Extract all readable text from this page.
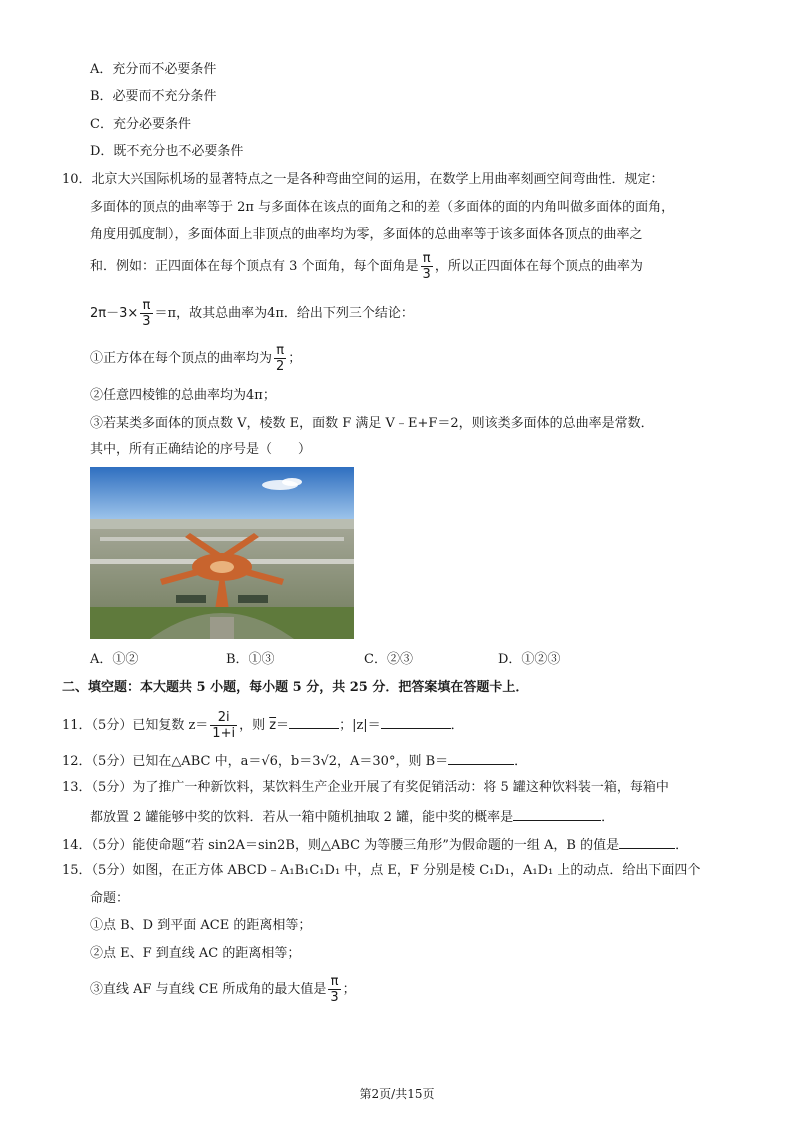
A．充分而不必要条件
B．必要而不充分条件
C．充分必要条件
D．既不充分也不必要条件
10．北京大兴国际机场的显著特点之一是各种弯曲空间的运用，在数学上用曲率刻画空间弯曲性．规定：
多面体的顶点的曲率等于 2π 与多面体在该点的面角之和的差（多面体的面的内角叫做多面体的面角，
角度用弧度制），多面体面上非顶点的曲率均为零，多面体的总曲率等于该多面体各顶点的曲率之
和．例如：正四面体在每个顶点有 3 个面角，每个面角是 $\frac{\pi}{3}$ ，所以正四面体在每个顶点的曲率为
$2\pi-3\times \frac{\pi}{3} =\pi$，故其总曲率为4π．给出下列三个结论：
①正方体在每个顶点的曲率均为 $\frac{\pi}{2}$ ；
②任意四棱锥的总曲率均为4π；
③若某类多面体的顶点数 V，棱数 E，面数 F 满足 V﹣E+F＝2，则该类多面体的总曲率是常数．
其中，所有正确结论的序号是（　　）
A．①②	B．①③	C．②③	D．①②③
二、填空题：本大题共 5 小题，每小题 5 分，共 25 分．把答案填在答题卡上．
11．（5分）已知复数 $z= \frac{2i}{1+i}$ ，则 $\overline{z}=$	；|z|＝	．
12．（5分）已知在△ABC 中，a＝√6，b＝3√2，A＝30°，则 B＝	．
13．（5分）为了推广一种新饮料，某饮料生产企业开展了有奖促销活动：将 5 罐这种饮料装一箱，每箱中
都放置 2 罐能够中奖的饮料．若从一箱中随机抽取 2 罐，能中奖的概率是	．
14．（5分）能使命题“若 sin2A＝sin2B，则△ABC 为等腰三角形”为假命题的一组 A，B 的值是	．
15．（5分）如图，在正方体 ABCD﹣A₁B₁C₁D₁ 中，点 E，F 分别是棱 C₁D₁，A₁D₁ 上的动点．给出下面四个
命题：
①点 B、D 到平面 ACE 的距离相等；
②点 E、F 到直线 AC 的距离相等；
③直线 AF 与直线 CE 所成角的最大值是 $\frac{\pi}{3}$ ；
第2页/共15页
